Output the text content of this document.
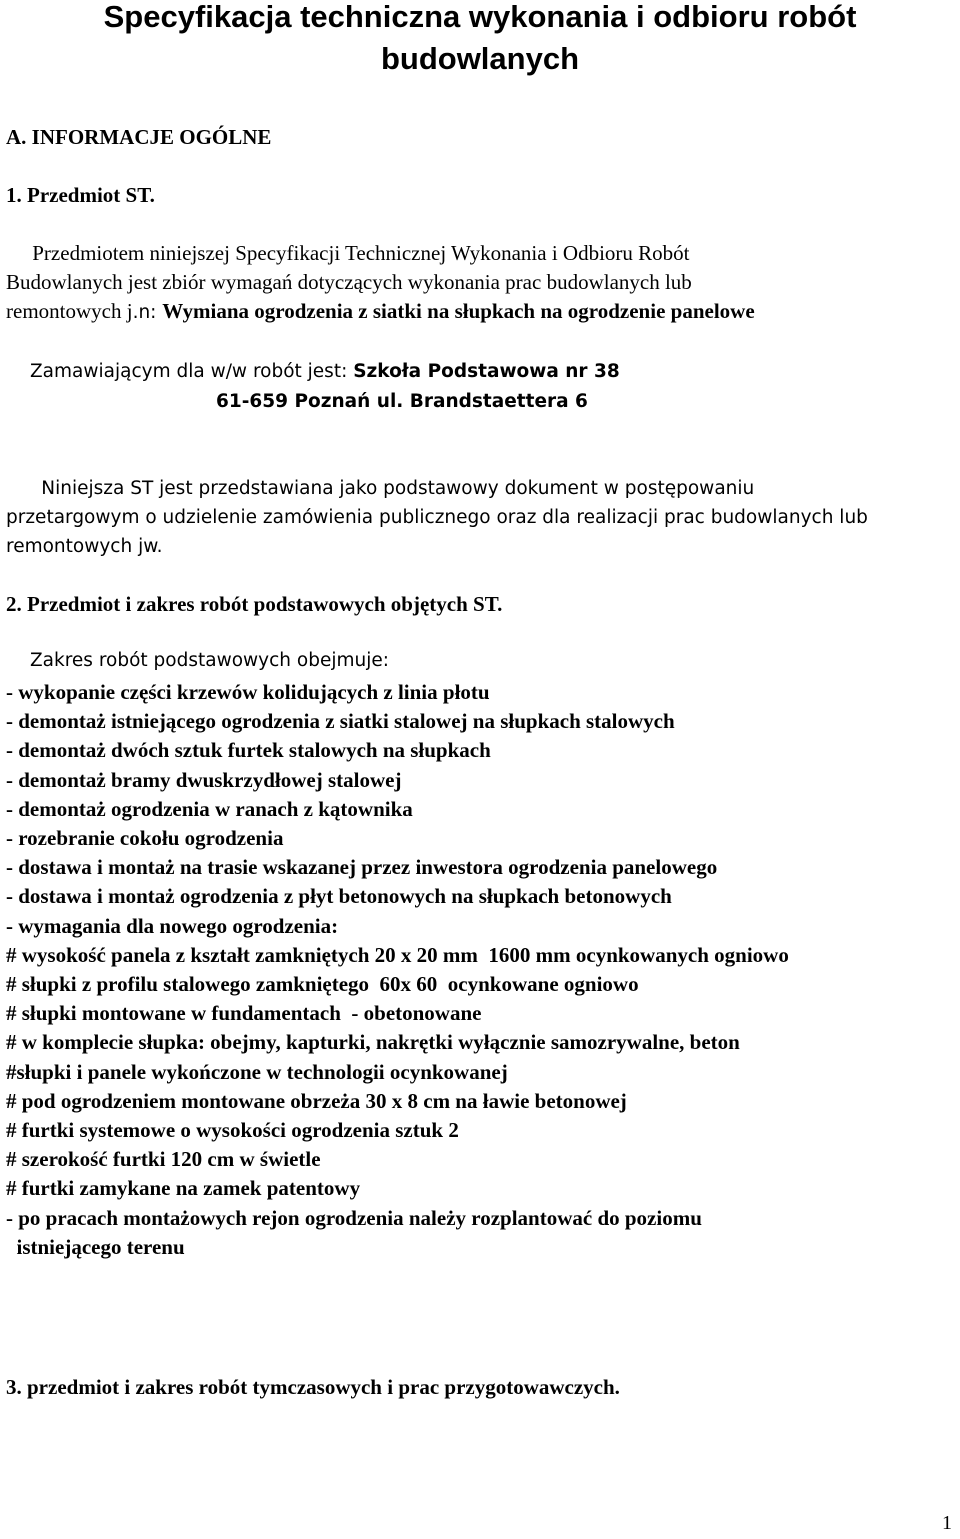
Specyfikacja techniczna wykonania i odbioru robót
budowlanych
A. INFORMACJE OGÓLNE
1. Przedmiot ST.
Przedmiotem niniejszej Specyfikacji Technicznej Wykonania i Odbioru Robót
Budowlanych jest zbiór wymagań dotyczących wykonania prac budowlanych lub
remontowych j.n: Wymiana ogrodzenia z siatki na słupkach na ogrodzenie panelowe
Zamawiającym dla w/w robót jest: Szkoła Podstawowa nr 38
61-659 Poznań ul. Brandstaettera 6
Niniejsza ST jest przedstawiana jako podstawowy dokument w postępowaniu
przetargowym o udzielenie zamówienia publicznego oraz dla realizacji prac budowlanych lub
remontowych jw.
2. Przedmiot i zakres robót podstawowych objętych ST.
Zakres robót podstawowych obejmuje:
- wykopanie części krzewów kolidujących z linia płotu
- demontaż istniejącego ogrodzenia z siatki stalowej na słupkach stalowych
- demontaż dwóch sztuk furtek stalowych na słupkach
- demontaż bramy dwuskrzydłowej stalowej
- demontaż ogrodzenia w ranach z kątownika
- rozebranie cokołu ogrodzenia
- dostawa i montaż na trasie wskazanej przez inwestora ogrodzenia panelowego
- dostawa i montaż ogrodzenia z płyt betonowych na słupkach betonowych
- wymagania dla nowego ogrodzenia:
# wysokość panela z kształt zamkniętych 20 x 20 mm  1600 mm ocynkowanych ogniowo
# słupki z profilu stalowego zamkniętego  60x 60  ocynkowane ogniowo
# słupki montowane w fundamentach  - obetonowane
# w komplecie słupka: obejmy, kapturki, nakrętki wyłącznie samozrywalne, beton
#słupki i panele wykończone w technologii ocynkowanej
# pod ogrodzeniem montowane obrzeża 30 x 8 cm na ławie betonowej
# furtki systemowe o wysokości ogrodzenia sztuk 2
# szerokość furtki 120 cm w świetle
# furtki zamykane na zamek patentowy
- po pracach montażowych rejon ogrodzenia należy rozplantować do poziomu
istniejącego terenu
3. przedmiot i zakres robót tymczasowych i prac przygotowawczych.
1
